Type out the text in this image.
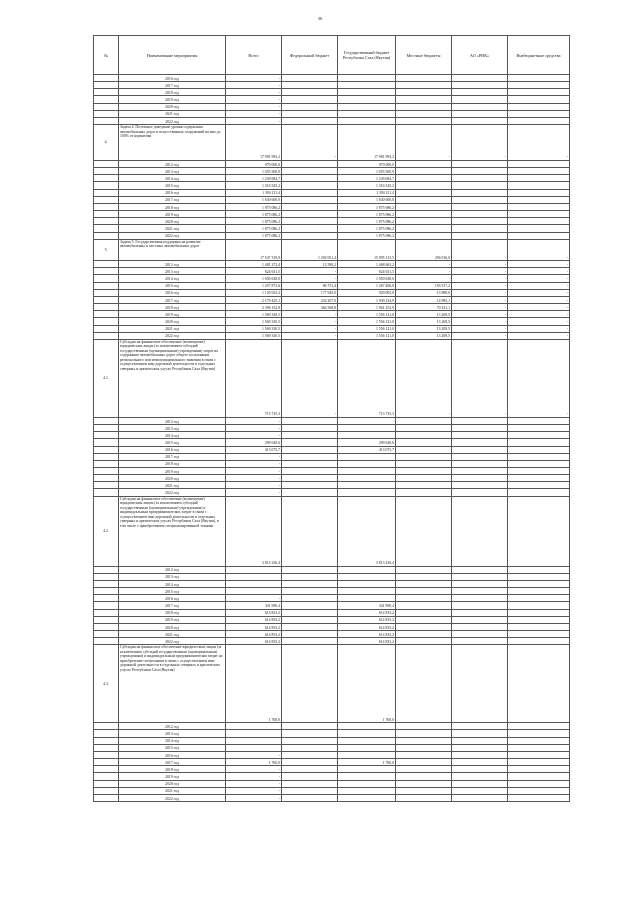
36
№	Наименование мероприятия	Всего	Федеральный бюджет	Государственный бюджет Республики Саха (Якутия)	Местные бюджеты	АО «РИК»	Внебюджетные средства
	2016 год	-					
	2017 год	-					
	2018 год	-					
	2019 год	-					
	2020 год	-					
	2021 год	-					
	2022 год	-					
4.	Задача 4. Поэтапное доведение уровня содержания автомобильных дорог и искусственных сооружений на них до 100% от норматива	17 981 993,2	-	17 981 993,2	-	-	-
	2012 год	970 000,0		970 000,0			
	2013 год	1 055 500,9		1 055 500,9			
	2014 год	1 239 684,7		1 239 684,7			
	2015 год	1 316 545,2		1 316 545,2			
	2016 год	1 394 211,4		1 394 211,4			
	2017 год	1 630 600,0		1 630 600,0			
	2018 год	1 875 086,2		1 875 086,2			
	2019 год	1 875 086,2		1 875 086,2			
	2020 год	1 875 086,2		1 875 086,2			
	2021 год	1 875 086,2		1 875 086,2			
	2022 год	1 875 086,2		1 875 086,2			
5.	Задача 5. Государственная поддержка на развитие автомобильных и местных автомобильных дорог	17 547 319,9	1 294 951,4	15 995 313,5	256 016,0	-	-
	2012 год	1 481 372,4	12 589,2	1 468 663,2	-	-	-
	2013 год	624 631,5	-	624 631,5	-	-	-
	2014 год	1 050 638,0	-	1 050 638,0	-	-	-
	2015 год	1 457 873,6	86 751,4	1 267 406,0	103 917,2	-	-
	2016 год	1 120 923,3	177 945,0	929 003,0	13 988,6	-	-
	2017 год	2 179 425,1	234 207,0	1 930 234,9	14 983,1	-	-
	2018 год	2 396 152,8	364 568,8	1 961 252,9	70 331,1	-	-
	2019 год	1 569 330,5	-	1 556 121,0	13 209,5	-	-
	2020 год	1 569 330,5	-	1 556 121,0	13 209,5	-	-
	2021 год	1 569 330,5	-	1 556 121,0	13 209,5	-	-
	2022 год	1 569 330,5	-	1 556 121,0	13 209,5	-	-
4.1.	Субсидия на финансовое обеспечение (возмещение) юридическим лицам (за исключением субсидий государственным (муниципальным) учреждениям) затрат на содержание автомобильных дорог общего пользования регионального или межмуниципального значения в связи с осуществлением ими дорожной деятельности в отдельных северных и арктических улусах Республики Саха (Якутия)	713 735,3	-	713 735,3	-	-	-
	2012 год	-		-			
	2013 год	-					
	2014 год	-					
	2015 год	299 649,6		299 649,6			
	2016 год	413 075,7		413 075,7			
	2017 год	-					
	2018 год	-					
	2019 год	-					
	2020 год	-					
	2021 год	-					
	2022 год	-					
4.2.	Субсидия на финансовое обеспечение (возмещение) юридическим лицам (за исключением субсидий государственным (муниципальным) учреждениям) и индивидуальным предпринимателям, затрат в связи с осуществлением ими дорожной деятельности в отдельных северных и арктических улусах Республики Саха (Якутия), в том числе с приобретением специализированной техники	3 813 256,4		3 813 256,4			
	2012 год						
	2013 год						
	2014 год						
	2015 год						
	2016 год	-					
	2017 год	341 990,4		341 990,4			
	2018 год	614 833,2		614 833,2			
	2019 год	614 833,2		614 833,2			
	2020 год	614 833,2		614 833,2			
	2021 год	614 833,2		614 833,2			
	2022 год	614 833,2		614 833,2			
4.3.	Субсидия на финансовое обеспечение юридическим лицам (за исключением субсидий государственным (муниципальным) учреждениям) и индивидуальным предпринимателям затрат на приобретение спецтехники в связи с осуществлением ими дорожной деятельности в отдельных северных и арктических улусах Республики Саха (Якутия)	1 760,0		1 760,0			
	2012 год						
	2013 год						
	2014 год						
	2015 год						
	2016 год	-					
	2017 год	1 760,0		1 760,0			
	2018 год	-					
	2019 год	-					
	2020 год	-					
	2021 год	-					
	2022 год	-					
